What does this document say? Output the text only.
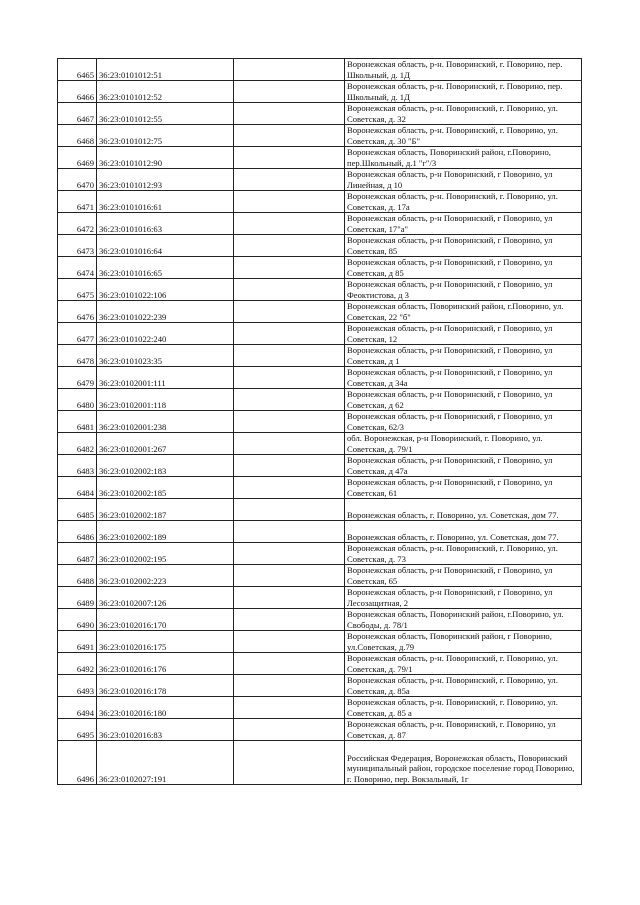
6465	36:23:0101012:51		Воронежская область, р-н. Поворинский, г. Поворино, пер. Школьный, д. 1Д
6466	36:23:0101012:52		Воронежская область, р-н. Поворинский, г. Поворино, пер. Школьный, д. 1Д
6467	36:23:0101012:55		Воронежская область, р-н. Поворинский, г. Поворино, ул. Советская, д. 32
6468	36:23:0101012:75		Воронежская область, р-н. Поворинский, г. Поворино, ул. Советская, д. 30 "Б"
6469	36:23:0101012:90		Воронежская область, Поворинский район, г.Поворино, пер.Школьный, д.1 "г"/3
6470	36:23:0101012:93		Воронежская область, р-н Поворинский, г Поворино, ул Линейная, д 10
6471	36:23:0101016:61		Воронежская область, р-н. Поворинский, г. Поворино, ул. Советская, д. 17а
6472	36:23:0101016:63		Воронежская область, р-н Поворинский, г Поворино, ул Советская, 17"а"
6473	36:23:0101016:64		Воронежская область, р-н Поворинский, г Поворино, ул Советская, 85
6474	36:23:0101016:65		Воронежская область, р-н Поворинский, г Поворино, ул Советская, д 85
6475	36:23:0101022:106		Воронежская область, р-н Поворинский, г Поворино, ул Феоктистова, д 3
6476	36:23:0101022:239		Воронежская область, Поворинский район, г.Поворино, ул. Советская, 22 "б"
6477	36:23:0101022:240		Воронежская область, р-н Поворинский, г Поворино, ул Советская, 12
6478	36:23:0101023:35		Воронежская область, р-н Поворинский, г Поворино, ул Советская, д 1
6479	36:23:0102001:111		Воронежская область, р-н Поворинский, г Поворино, ул Советская, д 34а
6480	36:23:0102001:118		Воронежская область, р-н Поворинский, г Поворино, ул Советская, д 62
6481	36:23:0102001:238		Воронежская область, р-н Поворинский, г Поворино, ул Советская, 62/3
6482	36:23:0102001:267		обл. Воронежская, р-н Поворинский, г. Поворино, ул. Советская, д. 79/1
6483	36:23:0102002:183		Воронежская область, р-н Поворинский, г Поворино, ул Советская, д 47а
6484	36:23:0102002:185		Воронежская область, р-н Поворинский, г Поворино, ул Советская, 61
6485	36:23:0102002:187		Воронежская область, г. Поворино, ул. Советская, дом 77.
6486	36:23:0102002:189		Воронежская область, г. Поворино, ул. Советская, дом 77.
6487	36:23:0102002:195		Воронежская область, р-н. Поворинский, г. Поворино, ул. Советская, д. 73
6488	36:23:0102002:223		Воронежская область, р-н Поворинский, г Поворино, ул Советская, 65
6489	36:23:0102007:126		Воронежская область, р-н Поворинский, г Поворино, ул Лесозащитная, 2
6490	36:23:0102016:170		Воронежская область, Поворинский район, г.Поворино, ул. Свободы, д. 78/1
6491	36:23:0102016:175		Воронежская область, Поворинский район, г Поворино, ул.Советская, д.79
6492	36:23:0102016:176		Воронежская область, р-н. Поворинский, г. Поворино, ул. Советская, д. 79/1
6493	36:23:0102016:178		Воронежская область, р-н. Поворинский, г. Поворино, ул. Советская, д. 85а
6494	36:23:0102016:180		Воронежская область, р-н. Поворинский, г. Поворино, ул. Советская, д. 85 а
6495	36:23:0102016:83		Воронежская область, р-н. Поворинский, г. Поворино, ул Советская, д. 87
6496	36:23:0102027:191		Российская Федерация, Воронежская область, Поворинский муниципальный район, городское поселение город Поворино, г. Поворино, пер. Вокзальный, 1г
